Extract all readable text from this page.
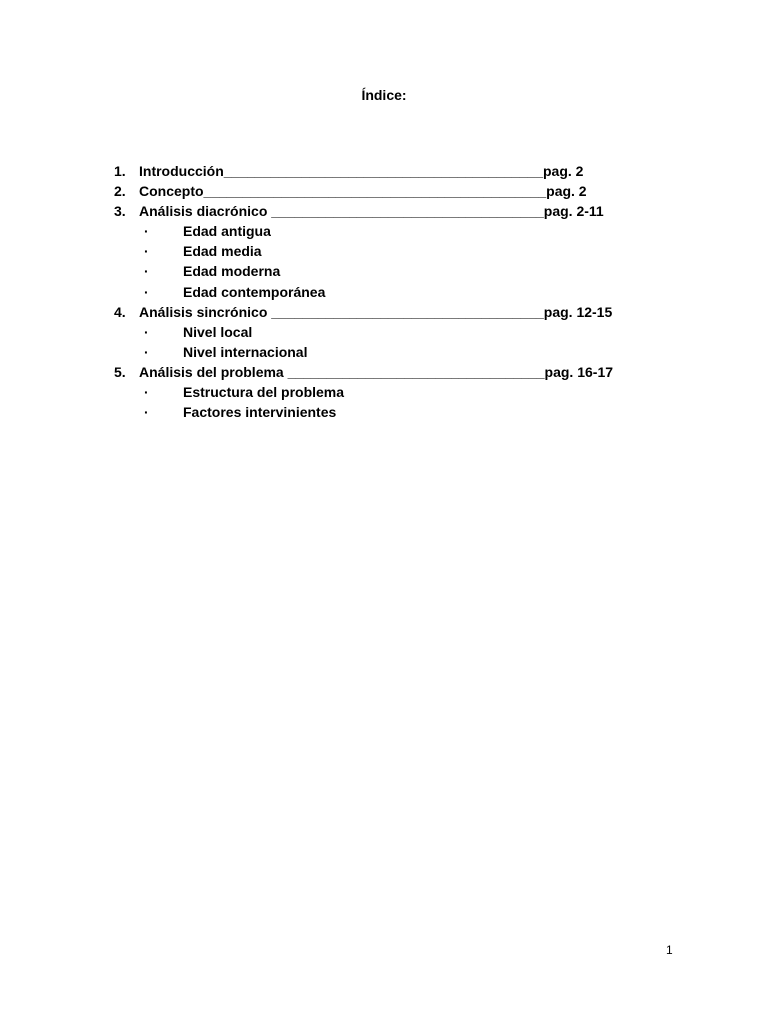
Índice:
1. Introducción_________________________________________pag. 2
2. Concepto____________________________________________pag. 2
3. Análisis diacrónico ___________________________________pag. 2-11
· Edad antigua
· Edad media
· Edad moderna
· Edad contemporánea
4. Análisis sincrónico ___________________________________pag. 12-15
· Nivel local
· Nivel internacional
5. Análisis del problema _________________________________pag. 16-17
· Estructura del problema
· Factores intervinientes
1
